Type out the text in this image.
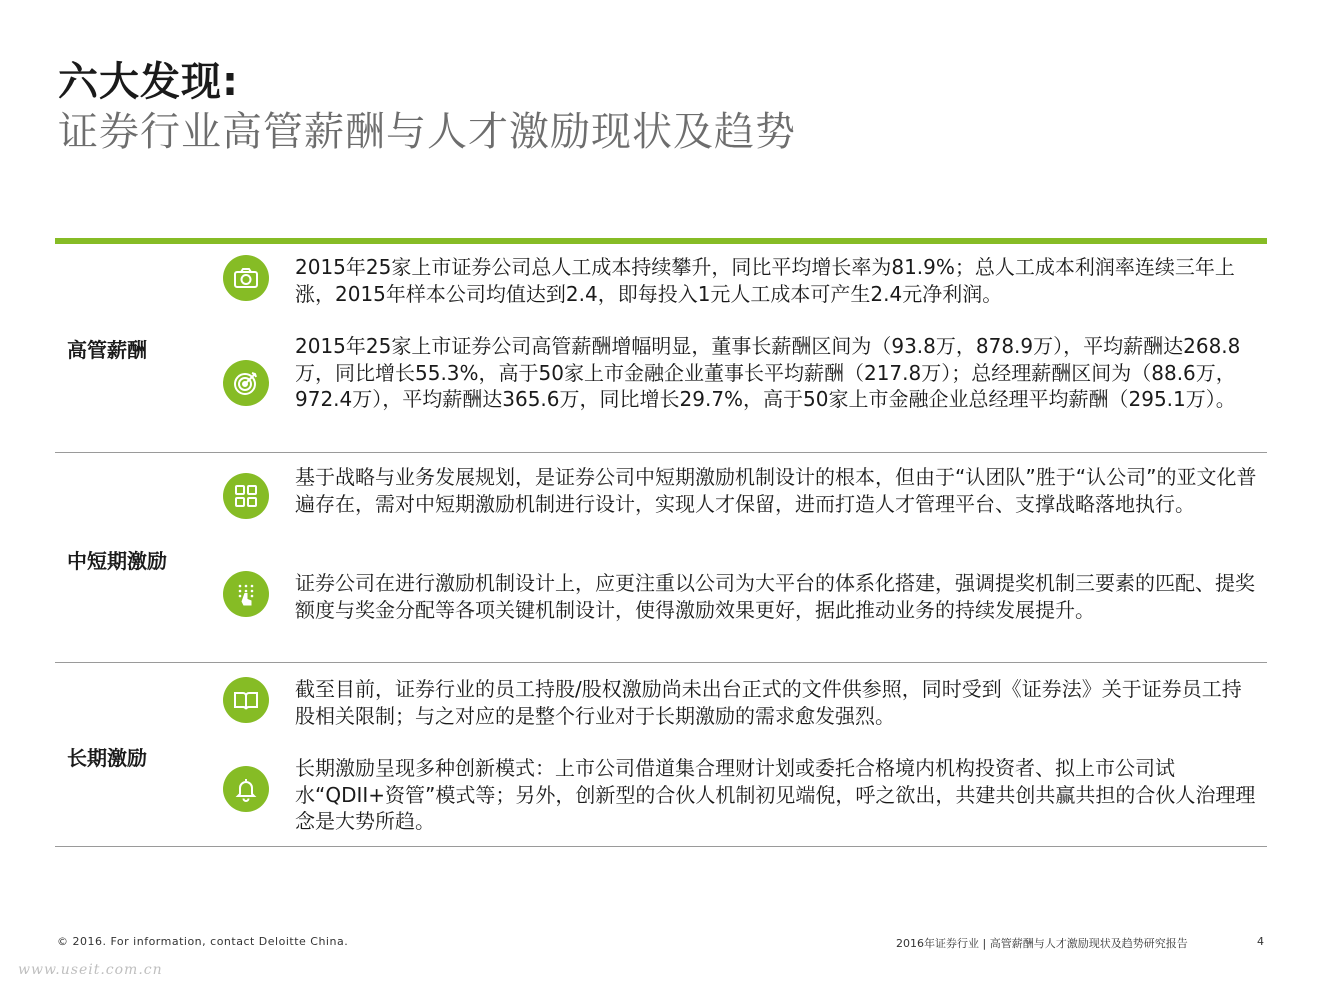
六大发现:
证券行业高管薪酬与人才激励现状及趋势
高管薪酬

2015年25家上市证券公司总人工成本持续攀升，同比平均增长率为81.9%；总人工成本利润率连续三年上涨，2015年样本公司均值达到2.4，即每投入1元人工成本可产生2.4元净利润。

2015年25家上市证券公司高管薪酬增幅明显，董事长薪酬区间为（93.8万，878.9万），平均薪酬达268.8万，同比增长55.3%，高于50家上市金融企业董事长平均薪酬（217.8万）；总经理薪酬区间为（88.6万，972.4万），平均薪酬达365.6万，同比增长29.7%，高于50家上市金融企业总经理平均薪酬（295.1万）。

中短期激励

基于战略与业务发展规划，是证券公司中短期激励机制设计的根本，但由于“认团队”胜于“认公司”的亚文化普遍存在，需对中短期激励机制进行设计，实现人才保留，进而打造人才管理平台、支撑战略落地执行。

证券公司在进行激励机制设计上，应更注重以公司为大平台的体系化搭建，强调提奖机制三要素的匹配、提奖额度与奖金分配等各项关键机制设计，使得激励效果更好，据此推动业务的持续发展提升。

长期激励

截至目前，证券行业的员工持股/股权激励尚未出台正式的文件供参照，同时受到《证券法》关于证券员工持股相关限制；与之对应的是整个行业对于长期激励的需求愈发强烈。

长期激励呈现多种创新模式：上市公司借道集合理财计划或委托合格境内机构投资者、拟上市公司试水“QDII+资管”模式等；另外，创新型的合伙人机制初见端倪，呼之欲出，共建共创共赢共担的合伙人治理理念是大势所趋。

© 2016. For information, contact Deloitte China.	2016年证券行业 | 高管薪酬与人才激励现状及趋势研究报告	4
www.useit.com.cn
